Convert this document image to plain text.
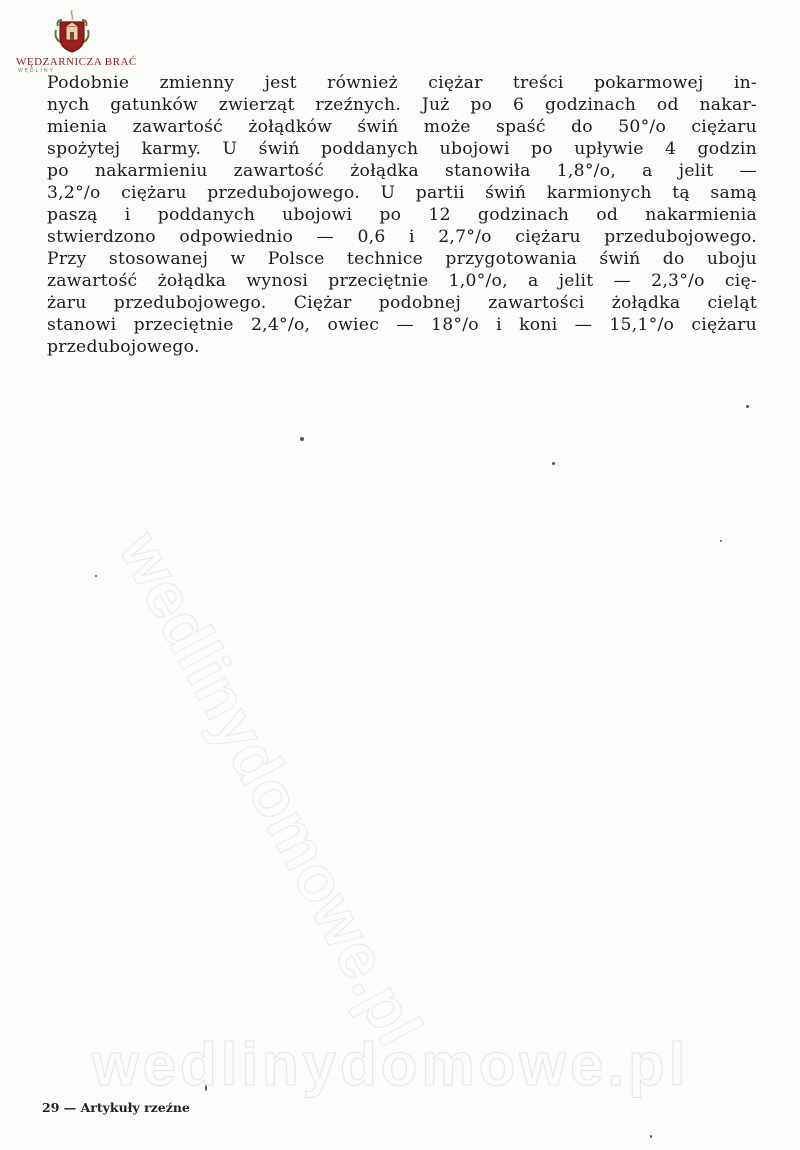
WĘDZARNICZA BRAĆ
WĘDLINY
wedlinydomowe.pl
wedlinydomowe.pl
Podobnie zmienny jest również ciężar treści pokarmowej in-
nych gatunków zwierząt rzeźnych. Już po 6 godzinach od nakar-
mienia zawartość żołądków świń może spaść do 50°/o ciężaru
spożytej karmy. U świń poddanych ubojowi po upływie 4 godzin
po nakarmieniu zawartość żołądka stanowiła 1,8°/o, a jelit —
3,2°/o ciężaru przedubojowego. U partii świń karmionych tą samą
paszą i poddanych ubojowi po 12 godzinach od nakarmienia
stwierdzono odpowiednio — 0,6 i 2,7°/o ciężaru przedubojowego.
Przy stosowanej w Polsce technice przygotowania świń do uboju
zawartość żołądka wynosi przeciętnie 1,0°/o, a jelit — 2,3°/o cię-
żaru przedubojowego. Ciężar podobnej zawartości żołądka cieląt
stanowi przeciętnie 2,4°/o, owiec — 18°/o i koni — 15,1°/o ciężaru
przedubojowego.
29 — Artykuły rzeźne
